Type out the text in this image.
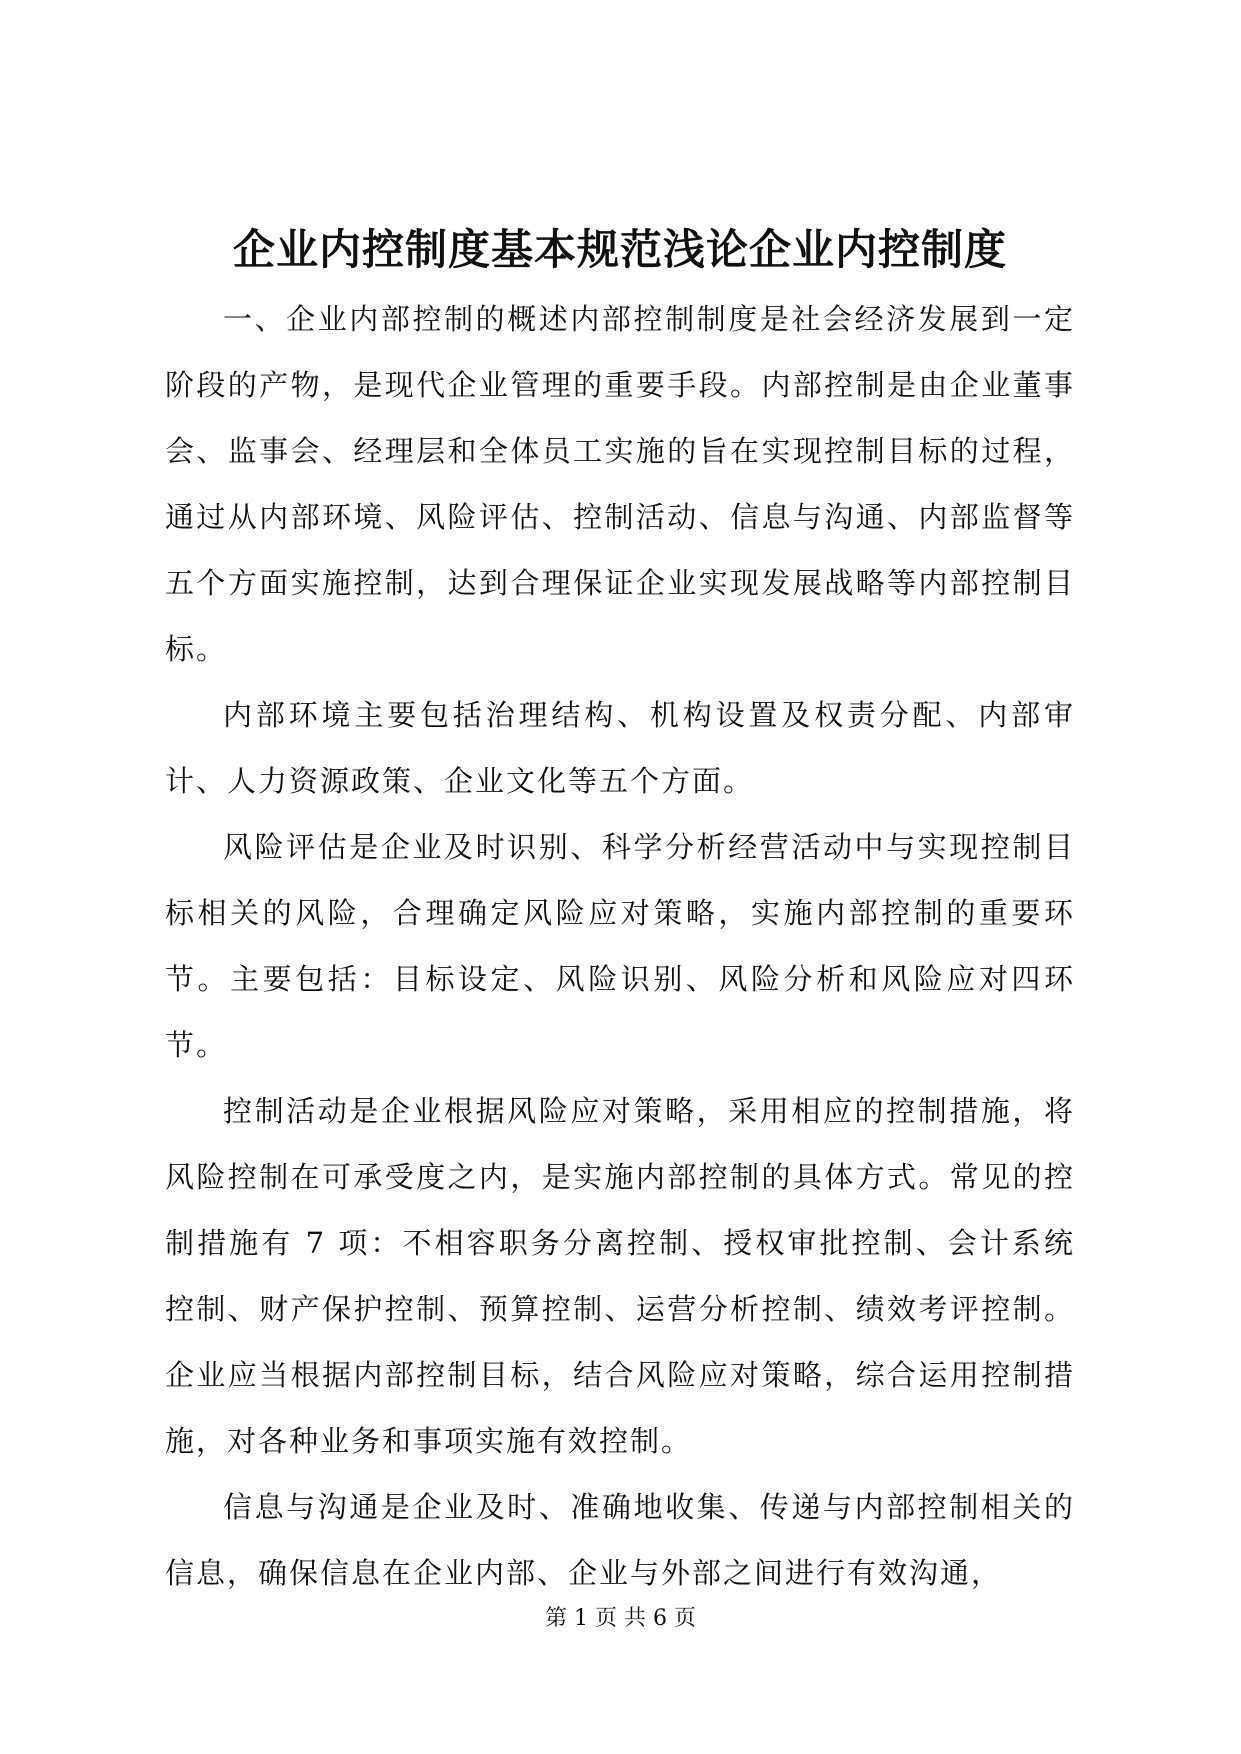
企业内控制度基本规范浅论企业内控制度

一、企业内部控制的概述内部控制制度是社会经济发展到一定阶段的产物，是现代企业管理的重要手段。内部控制是由企业董事会、监事会、经理层和全体员工实施的旨在实现控制目标的过程，通过从内部环境、风险评估、控制活动、信息与沟通、内部监督等五个方面实施控制，达到合理保证企业实现发展战略等内部控制目标。

内部环境主要包括治理结构、机构设置及权责分配、内部审计、人力资源政策、企业文化等五个方面。

风险评估是企业及时识别、科学分析经营活动中与实现控制目标相关的风险，合理确定风险应对策略，实施内部控制的重要环节。主要包括：目标设定、风险识别、风险分析和风险应对四环节。

控制活动是企业根据风险应对策略，采用相应的控制措施，将风险控制在可承受度之内，是实施内部控制的具体方式。常见的控制措施有 7 项：不相容职务分离控制、授权审批控制、会计系统控制、财产保护控制、预算控制、运营分析控制、绩效考评控制。企业应当根据内部控制目标，结合风险应对策略，综合运用控制措施，对各种业务和事项实施有效控制。

信息与沟通是企业及时、准确地收集、传递与内部控制相关的信息，确保信息在企业内部、企业与外部之间进行有效沟通，

第 1 页 共 6 页
